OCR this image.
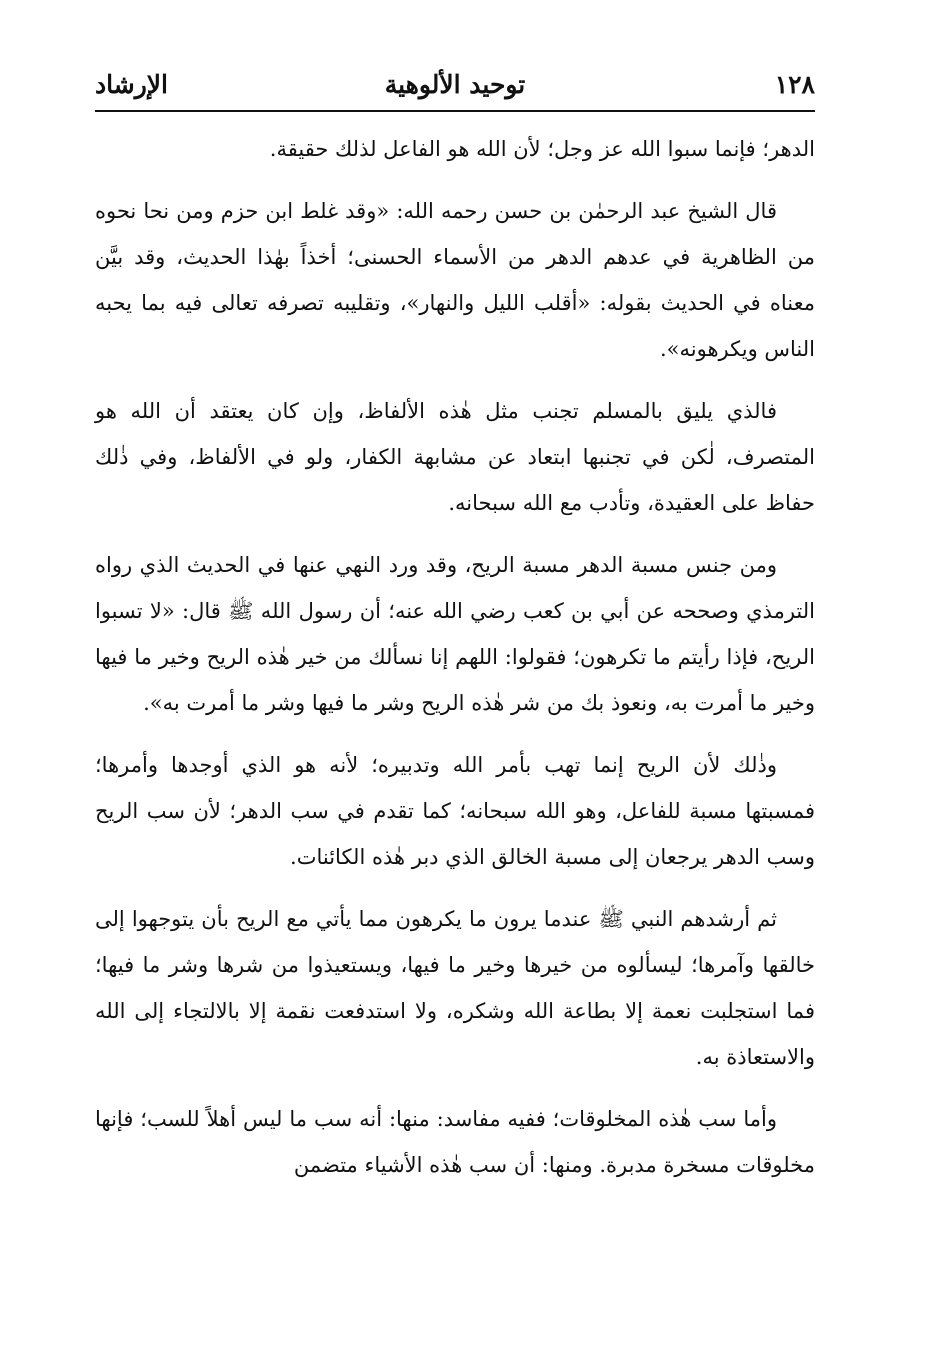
١٢٨
توحيد الألوهية
الإرشاد

الدهر؛ فإنما سبوا الله عز وجل؛ لأن الله هو الفاعل لذلك حقيقة.

قال الشيخ عبد الرحمٰن بن حسن رحمه الله: «وقد غلط ابن حزم ومن نحا نحوه من الظاهرية في عدهم الدهر من الأسماء الحسنى؛ أخذاً بهٰذا الحديث، وقد بيَّن معناه في الحديث بقوله: «أقلب الليل والنهار»، وتقليبه تصرفه تعالى فيه بما يحبه الناس ويكرهونه».

فالذي يليق بالمسلم تجنب مثل هٰذه الألفاظ، وإن كان يعتقد أن الله هو المتصرف، لٰكن في تجنبها ابتعاد عن مشابهة الكفار، ولو في الألفاظ، وفي ذٰلك حفاظ على العقيدة، وتأدب مع الله سبحانه.

ومن جنس مسبة الدهر مسبة الريح، وقد ورد النهي عنها في الحديث الذي رواه الترمذي وصححه عن أبي بن كعب رضي الله عنه؛ أن رسول الله ﷺ قال: «لا تسبوا الريح، فإذا رأيتم ما تكرهون؛ فقولوا: اللهم إنا نسألك من خير هٰذه الريح وخير ما فيها وخير ما أمرت به، ونعوذ بك من شر هٰذه الريح وشر ما فيها وشر ما أمرت به».

وذٰلك لأن الريح إنما تهب بأمر الله وتدبيره؛ لأنه هو الذي أوجدها وأمرها؛ فمسبتها مسبة للفاعل، وهو الله سبحانه؛ كما تقدم في سب الدهر؛ لأن سب الريح وسب الدهر يرجعان إلى مسبة الخالق الذي دبر هٰذه الكائنات.

ثم أرشدهم النبي ﷺ عندما يرون ما يكرهون مما يأتي مع الريح بأن يتوجهوا إلى خالقها وآمرها؛ ليسألوه من خيرها وخير ما فيها، ويستعيذوا من شرها وشر ما فيها؛ فما استجلبت نعمة إلا بطاعة الله وشكره، ولا استدفعت نقمة إلا بالالتجاء إلى الله والاستعاذة به.

وأما سب هٰذه المخلوقات؛ ففيه مفاسد: منها: أنه سب ما ليس أهلاً للسب؛ فإنها مخلوقات مسخرة مدبرة. ومنها: أن سب هٰذه الأشياء متضمن
